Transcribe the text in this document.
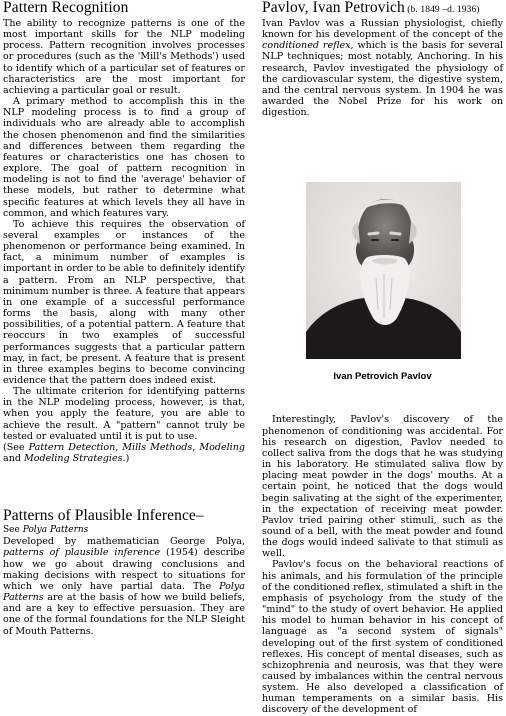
Pattern Recognition

The ability to recognize patterns is one of the most important skills for the NLP modeling process. Pattern recognition involves processes or procedures (such as the 'Mill's Methods') used to identify which of a particular set of features or characteristics are the most important for achieving a particular goal or result.

A primary method to accomplish this in the NLP modeling process is to find a group of individuals who are already able to accomplish the chosen phenomenon and find the similarities and differences between them regarding the features or characteristics one has chosen to explore. The goal of pattern recognition in modeling is not to find the 'average' behavior of these models, but rather to determine what specific features at which levels they all have in common, and which features vary.

To achieve this requires the observation of several examples or instances of the phenomenon or performance being examined. In fact, a minimum number of examples is important in order to be able to definitely identify a pattern. From an NLP perspective, that minimum number is three. A feature that appears in one example of a successful performance forms the basis, along with many other possibilities, of a potential pattern. A feature that reoccurs in two examples of successful performances suggests that a particular pattern may, in fact, be present. A feature that is present in three examples begins to become convincing evidence that the pattern does indeed exist.

The ultimate criterion for identifying patterns in the NLP modeling process, however, is that, when you apply the feature, you are able to achieve the result. A "pattern" cannot truly be tested or evaluated until it is put to use.

(See Pattern Detection, Mills Methods, Modeling and Modeling Strategies.)

Patterns of Plausible Inference–

See Polya Patterns

Developed by mathematician George Polya, patterns of plausible inference (1954) describe how we go about drawing conclusions and making decisions with respect to situations for which we only have partial data. The Polya Patterns are at the basis of how we build beliefs, and are a key to effective persuasion. They are one of the formal foundations for the NLP Sleight of Mouth Patterns.

Pavlov, Ivan Petrovich (b. 1849 –d. 1936)

Ivan Pavlov was a Russian physiologist, chiefly known for his development of the concept of the conditioned reflex, which is the basis for several NLP techniques; most notably, Anchoring. In his research, Pavlov investigated the physiology of the cardiovascular system, the digestive system, and the central nervous system. In 1904 he was awarded the Nobel Prize for his work on digestion.

Ivan Petrovich Pavlov

Interestingly, Pavlov's discovery of the phenomenon of conditioning was accidental. For his research on digestion, Pavlov needed to collect saliva from the dogs that he was studying in his laboratory. He stimulated saliva flow by placing meat powder in the dogs' mouths. At a certain point, he noticed that the dogs would begin salivating at the sight of the experimenter, in the expectation of receiving meat powder. Pavlov tried pairing other stimuli, such as the sound of a bell, with the meat powder and found the dogs would indeed salivate to that stimuli as well.

Pavlov's focus on the behavioral reactions of his animals, and his formulation of the principle of the conditioned reflex, stimulated a shift in the emphasis of psychology from the study of the "mind" to the study of overt behavior. He applied his model to human behavior in his concept of language as "a second system of signals" developing out of the first system of conditioned reflexes. His concept of mental diseases, such as schizophrenia and neurosis, was that they were caused by imbalances within the central nervous system. He also developed a classification of human temperaments on a similar basis. His discovery of the development of
